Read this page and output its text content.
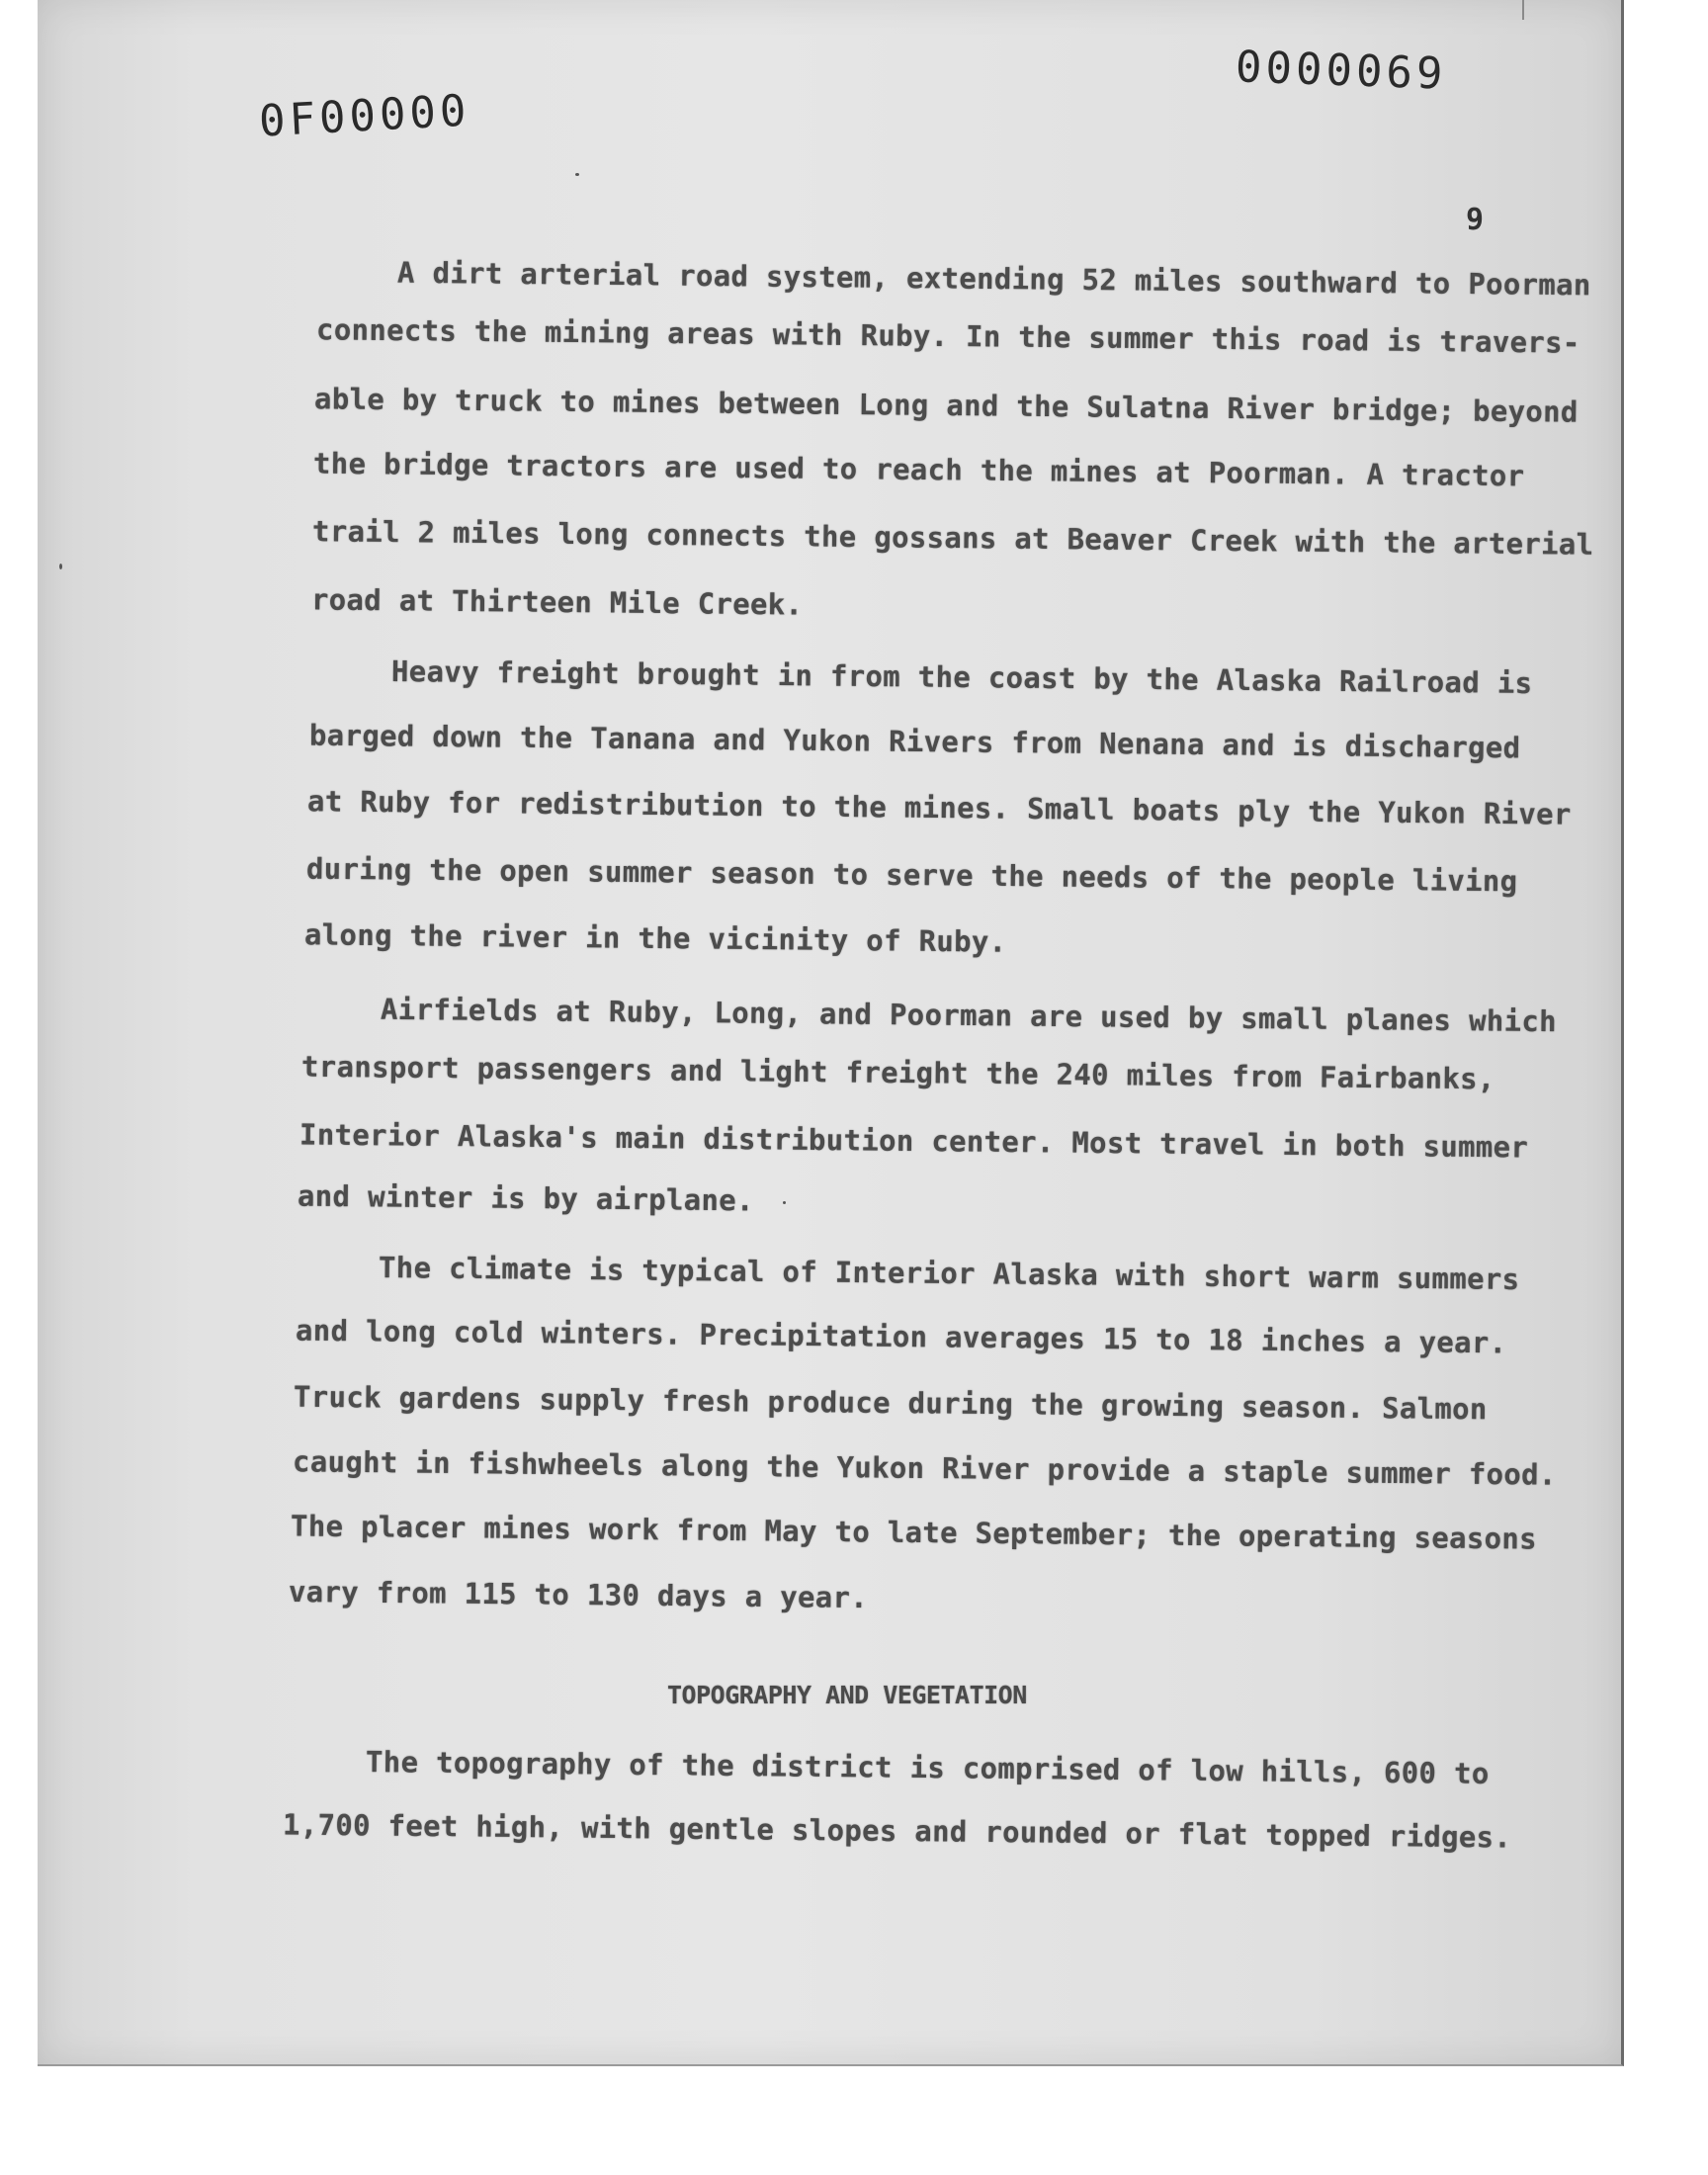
0F00000
0000069
9
A dirt arterial road system, extending 52 miles southward to Poorman
connects the mining areas with Ruby. In the summer this road is travers-
able by truck to mines between Long and the Sulatna River bridge; beyond
the bridge tractors are used to reach the mines at Poorman. A tractor
trail 2 miles long connects the gossans at Beaver Creek with the arterial
road at Thirteen Mile Creek.
Heavy freight brought in from the coast by the Alaska Railroad is
barged down the Tanana and Yukon Rivers from Nenana and is discharged
at Ruby for redistribution to the mines. Small boats ply the Yukon River
during the open summer season to serve the needs of the people living
along the river in the vicinity of Ruby.
Airfields at Ruby, Long, and Poorman are used by small planes which
transport passengers and light freight the 240 miles from Fairbanks,
Interior Alaska's main distribution center. Most travel in both summer
and winter is by airplane.
The climate is typical of Interior Alaska with short warm summers
and long cold winters. Precipitation averages 15 to 18 inches a year.
Truck gardens supply fresh produce during the growing season. Salmon
caught in fishwheels along the Yukon River provide a staple summer food.
The placer mines work from May to late September; the operating seasons
vary from 115 to 130 days a year.
TOPOGRAPHY AND VEGETATION
The topography of the district is comprised of low hills, 600 to
1,700 feet high, with gentle slopes and rounded or flat topped ridges.
